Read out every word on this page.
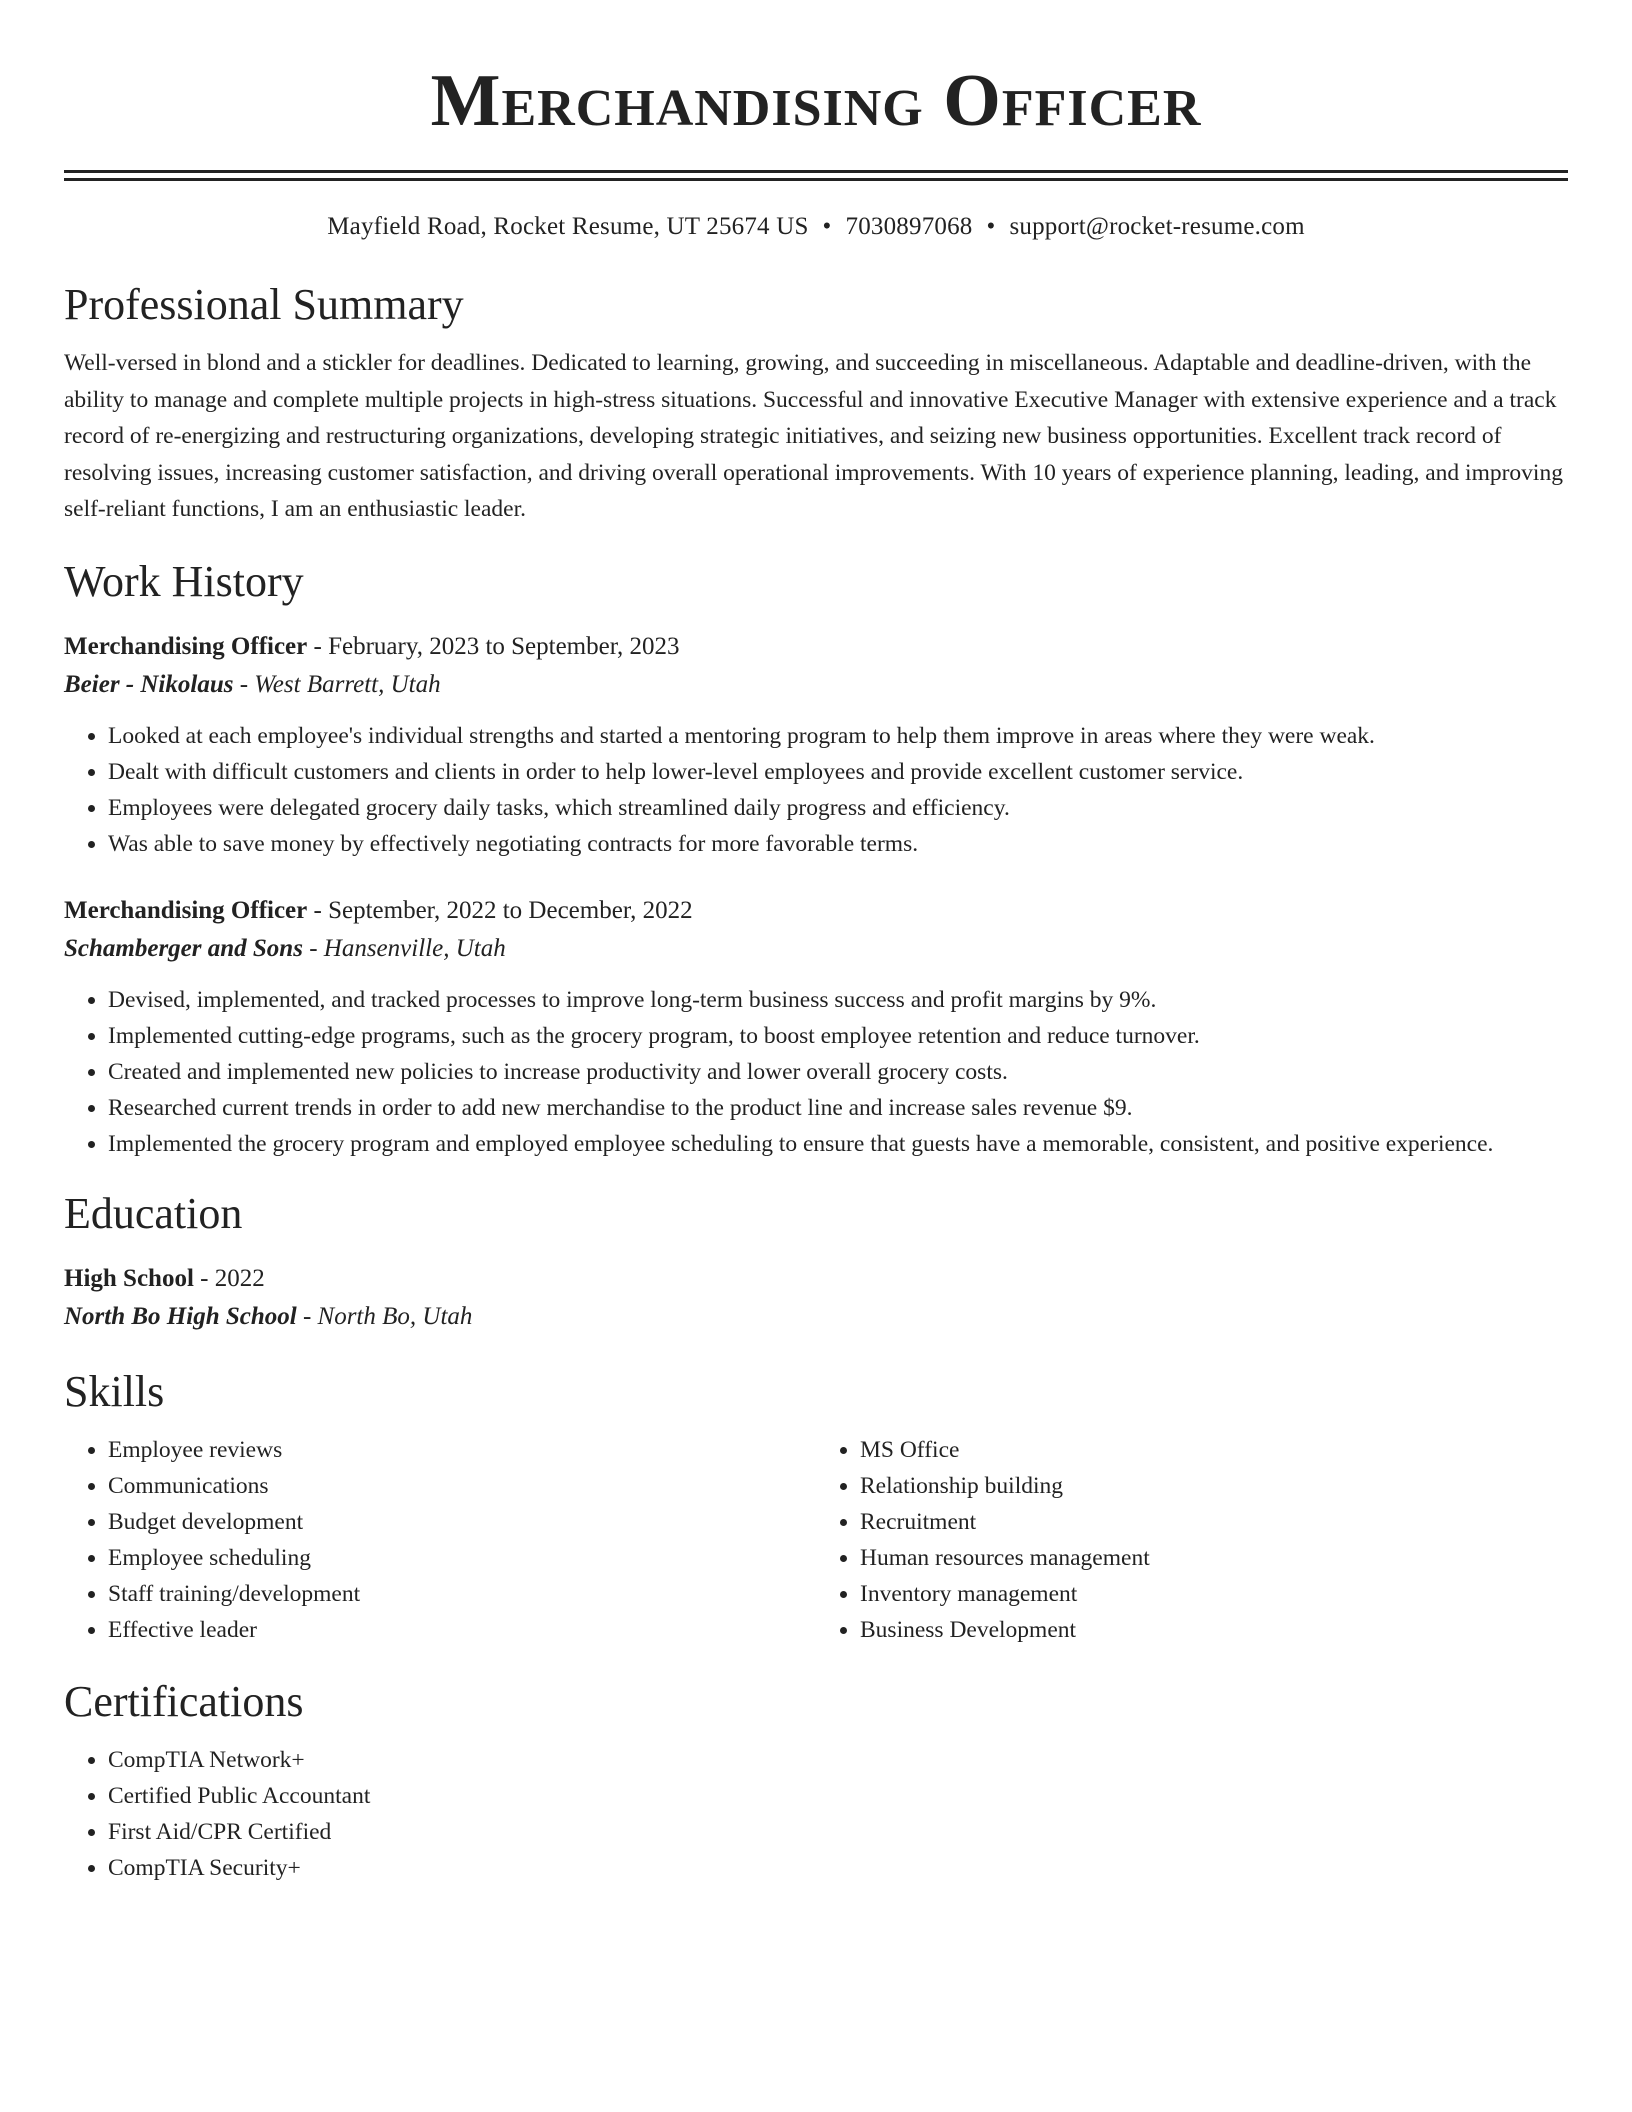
Merchandising Officer
Mayfield Road, Rocket Resume, UT 25674 US • 7030897068 • support@rocket-resume.com
Professional Summary
Well-versed in blond and a stickler for deadlines. Dedicated to learning, growing, and succeeding in miscellaneous. Adaptable and deadline-driven, with the ability to manage and complete multiple projects in high-stress situations. Successful and innovative Executive Manager with extensive experience and a track record of re-energizing and restructuring organizations, developing strategic initiatives, and seizing new business opportunities. Excellent track record of resolving issues, increasing customer satisfaction, and driving overall operational improvements. With 10 years of experience planning, leading, and improving self-reliant functions, I am an enthusiastic leader.
Work History
Merchandising Officer - February, 2023 to September, 2023
Beier - Nikolaus - West Barrett, Utah
• Looked at each employee's individual strengths and started a mentoring program to help them improve in areas where they were weak.
• Dealt with difficult customers and clients in order to help lower-level employees and provide excellent customer service.
• Employees were delegated grocery daily tasks, which streamlined daily progress and efficiency.
• Was able to save money by effectively negotiating contracts for more favorable terms.
Merchandising Officer - September, 2022 to December, 2022
Schamberger and Sons - Hansenville, Utah
• Devised, implemented, and tracked processes to improve long-term business success and profit margins by 9%.
• Implemented cutting-edge programs, such as the grocery program, to boost employee retention and reduce turnover.
• Created and implemented new policies to increase productivity and lower overall grocery costs.
• Researched current trends in order to add new merchandise to the product line and increase sales revenue $9.
• Implemented the grocery program and employed employee scheduling to ensure that guests have a memorable, consistent, and positive experience.
Education
High School - 2022
North Bo High School - North Bo, Utah
Skills
• Employee reviews
• Communications
• Budget development
• Employee scheduling
• Staff training/development
• Effective leader
• MS Office
• Relationship building
• Recruitment
• Human resources management
• Inventory management
• Business Development
Certifications
• CompTIA Network+
• Certified Public Accountant
• First Aid/CPR Certified
• CompTIA Security+
